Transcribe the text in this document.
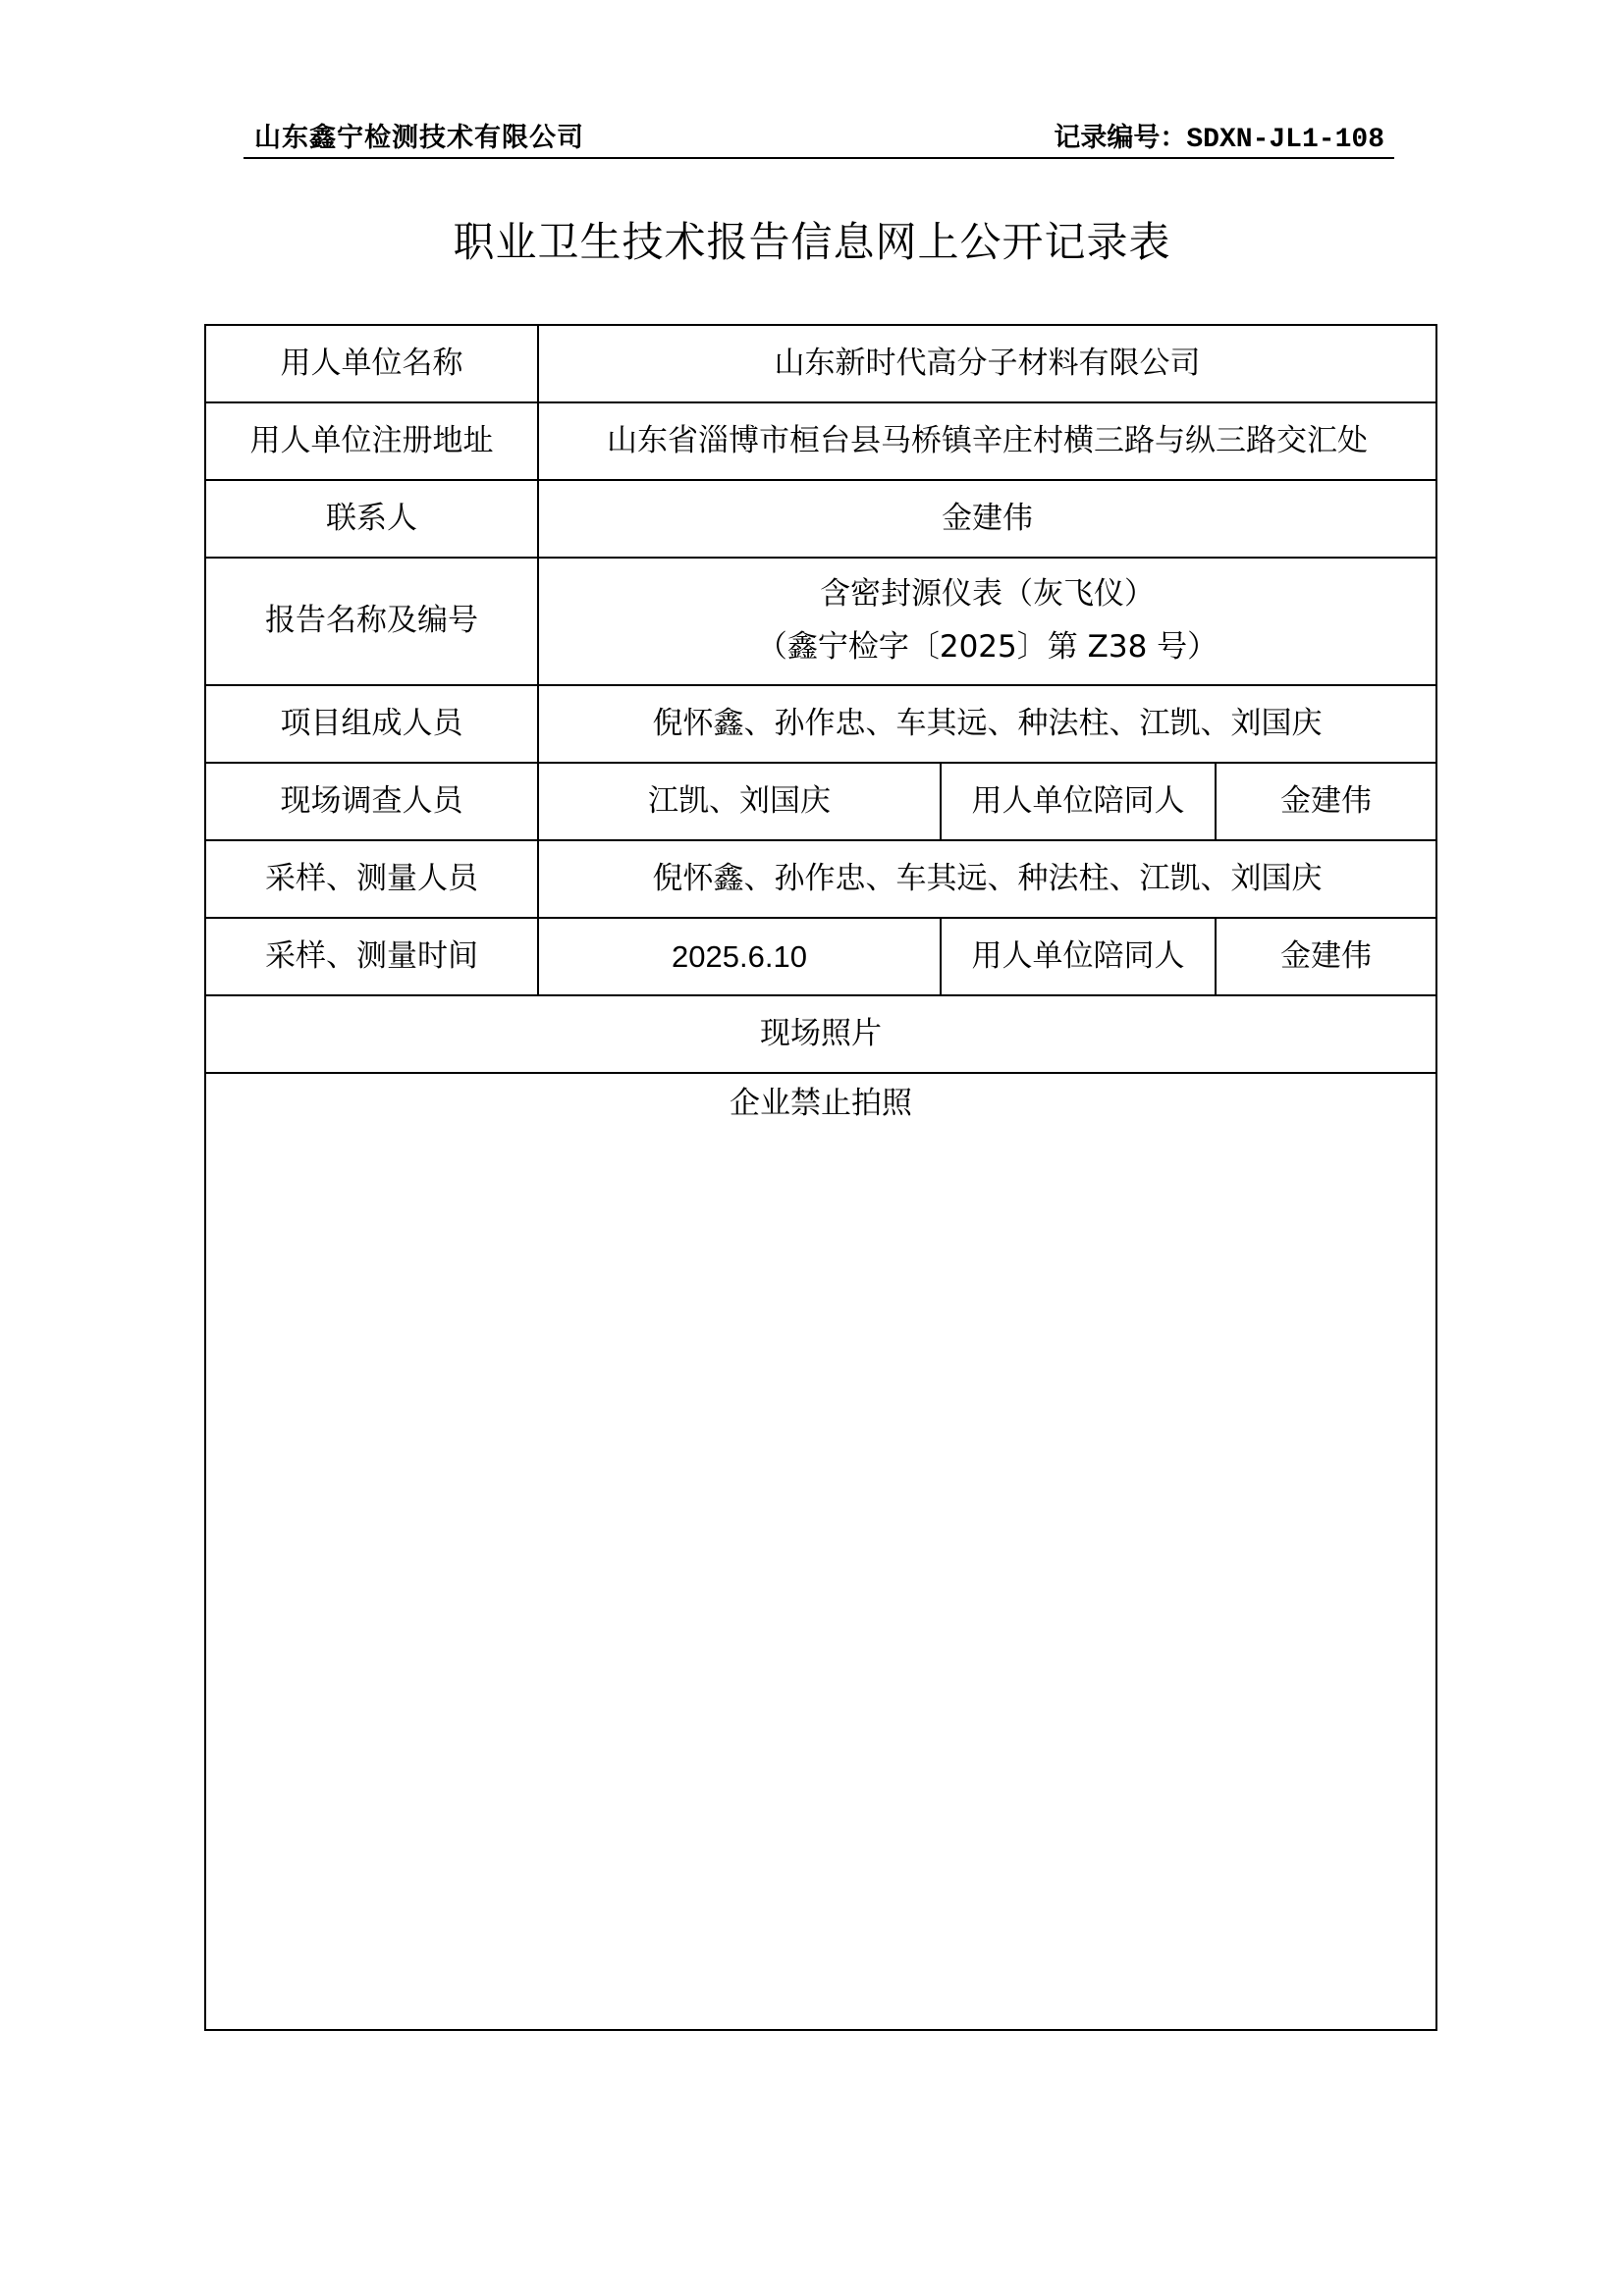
山东鑫宁检测技术有限公司	记录编号：SDXN-JL1-108
职业卫生技术报告信息网上公开记录表
用人单位名称	山东新时代高分子材料有限公司		
用人单位注册地址	山东省淄博市桓台县马桥镇辛庄村横三路与纵三路交汇处		
联系人	金建伟		
报告名称及编号	含密封源仪表（灰飞仪）
（鑫宁检字〔2025〕第 Z38 号）		

项目组成人员	倪怀鑫、孙作忠、车其远、种法柱、江凯、刘国庆		
现场调查人员	江凯、刘国庆	用人单位陪同人	金建伟
采样、测量人员	倪怀鑫、孙作忠、车其远、种法柱、江凯、刘国庆		
采样、测量时间	2025.6.10	用人单位陪同人	金建伟
现场照片			
企业禁止拍照			
